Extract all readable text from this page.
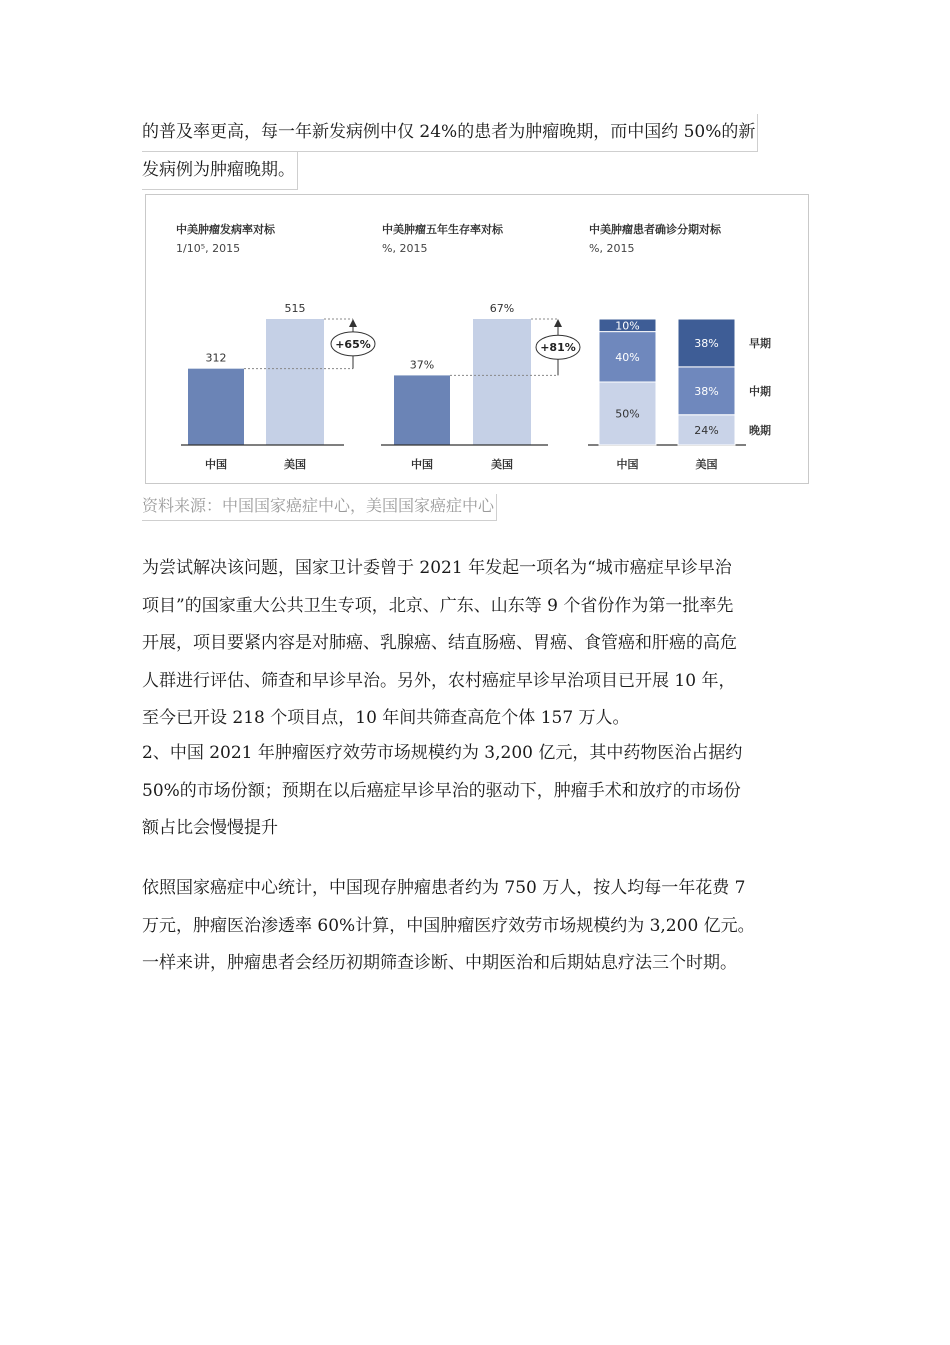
的普及率更高，每一年新发病例中仅 24%的患者为肿瘤晚期，而中国约 50%的新
发病例为肿瘤晚期。
中美肿瘤发病率对标
1/10⁵, 2015
中美肿瘤五年生存率对标
%, 2015
中美肿瘤患者确诊分期对标
%, 2015
312
中国
515
美国
+65%
37%
中国
67%
美国
+81%
50%
40%
10%
中国
24%
38%
38%
美国
晚期
中期
早期
资料来源：中国国家癌症中心，美国国家癌症中心

为尝试解决该问题，国家卫计委曾于 2021 年发起一项名为“城市癌症早诊早治

项目”的国家重大公共卫生专项，北京、广东、山东等 9 个省份作为第一批率先

开展，项目要紧内容是对肺癌、乳腺癌、结直肠癌、胃癌、食管癌和肝癌的高危

人群进行评估、筛查和早诊早治。另外，农村癌症早诊早治项目已开展 10 年，

至今已开设 218 个项目点，10 年间共筛查高危个体 157 万人。

2、中国 2021 年肿瘤医疗效劳市场规模约为 3,200 亿元，其中药物医治占据约

50%的市场份额；预期在以后癌症早诊早治的驱动下，肿瘤手术和放疗的市场份

额占比会慢慢提升

依照国家癌症中心统计，中国现存肿瘤患者约为 750 万人，按人均每一年花费 7

万元，肿瘤医治渗透率 60%计算，中国肿瘤医疗效劳市场规模约为 3,200 亿元。

一样来讲，肿瘤患者会经历初期筛查诊断、中期医治和后期姑息疗法三个时期。
